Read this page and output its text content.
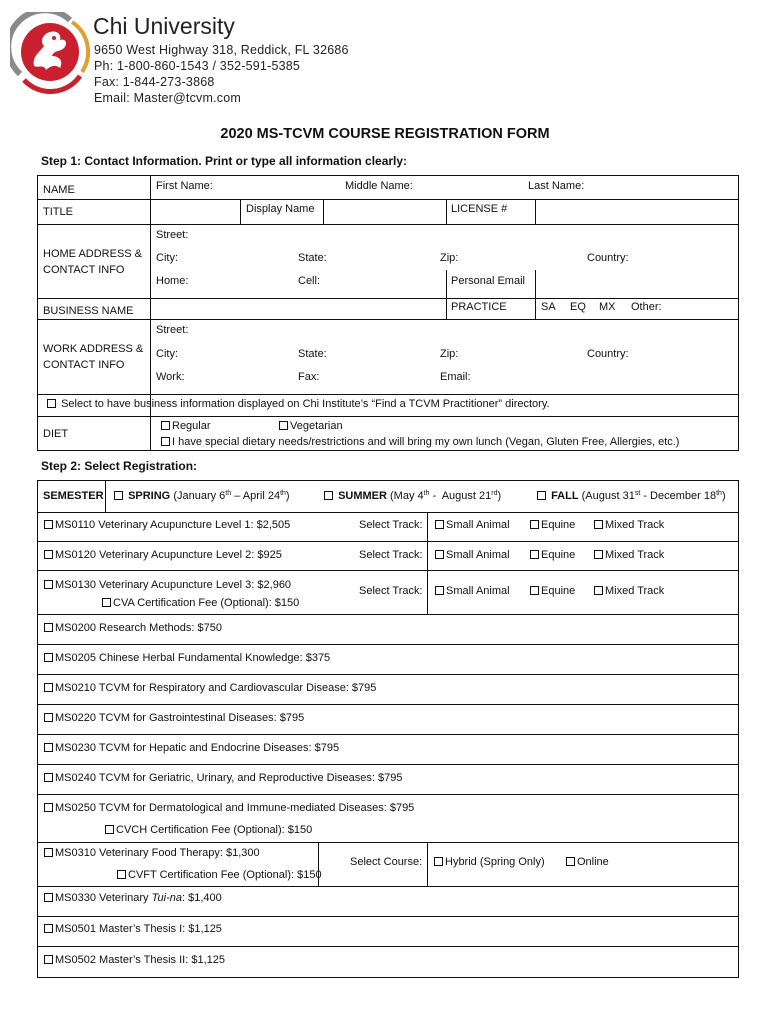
Chi University
9650 West Highway 318, Reddick, FL 32686
Ph: 1-800-860-1543 / 352-591-5385
Fax: 1-844-273-3868
Email: Master@tcvm.com
2020 MS-TCVM COURSE REGISTRATION FORM
Step 1: Contact Information. Print or type all information clearly:
NAME	First Name:	Middle Name:	Last Name:
TITLE	Display Name	LICENSE #
HOME ADDRESS &
CONTACT INFO
Street:
City:	State:	Zip:	Country:
Home:	Cell:	Personal Email
BUSINESS NAME	PRACTICE	SA EQ MX Other:
WORK ADDRESS &
CONTACT INFO
Street:
City:	State:	Zip:	Country:
Work:	Fax:	Email:
Select to have business information displayed on Chi Institute’s “Find a TCVM Practitioner” directory.
DIET
Regular	Vegetarian
I have special dietary needs/restrictions and will bring my own lunch (Vegan, Gluten Free, Allergies, etc.)
Step 2: Select Registration:
SEMESTER	SPRING (January 6th – April 24th)	SUMMER (May 4th -  August 21rd)	FALL (August 31st - December 18th)
MS0110 Veterinary Acupuncture Level 1: $2,505	Select Track:	Small Animal	Equine	Mixed Track
MS0120 Veterinary Acupuncture Level 2: $925	Select Track:	Small Animal	Equine	Mixed Track
MS0130 Veterinary Acupuncture Level 3: $2,960
CVA Certification Fee (Optional): $150
Select Track:	Small Animal	Equine	Mixed Track
MS0200 Research Methods: $750
MS0205 Chinese Herbal Fundamental Knowledge: $375
MS0210 TCVM for Respiratory and Cardiovascular Disease: $795
MS0220 TCVM for Gastrointestinal Diseases: $795
MS0230 TCVM for Hepatic and Endocrine Diseases: $795
MS0240 TCVM for Geriatric, Urinary, and Reproductive Diseases: $795
MS0250 TCVM for Dermatological and Immune-mediated Diseases: $795
CVCH Certification Fee (Optional): $150
MS0310 Veterinary Food Therapy: $1,300
CVFT Certification Fee (Optional): $150
Select Course:	Hybrid (Spring Only)	Online
MS0330 Veterinary Tui-na: $1,400
MS0501 Master’s Thesis I: $1,125
MS0502 Master’s Thesis II: $1,125
